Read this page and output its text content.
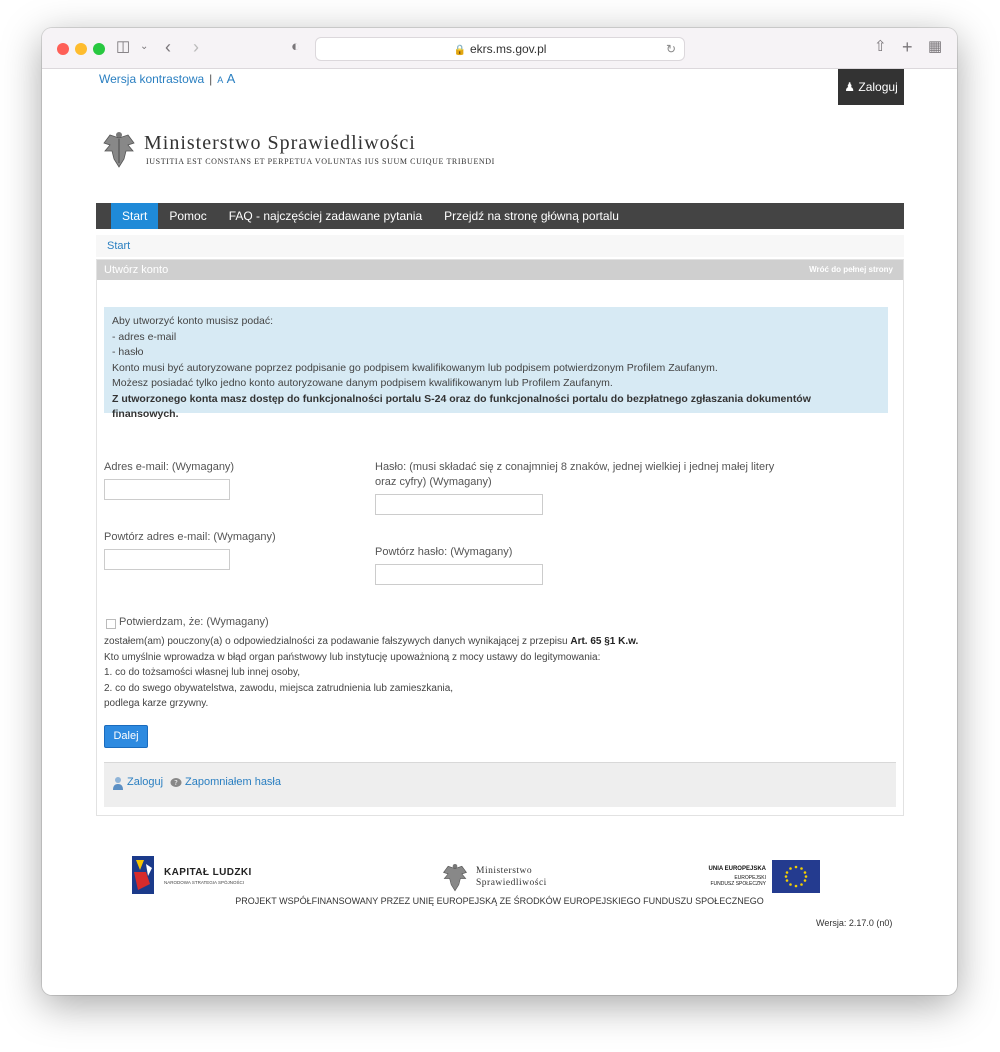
◫ ⌄ ‹ ›	◐	🔒 ekrs.ms.gov.pl	↻	⇧ + ▦
Wersja kontrastowa | A A
♟ Zaloguj
Ministerstwo Sprawiedliwości
IUSTITIA EST CONSTANS ET PERPETUA VOLUNTAS IUS SUUM CUIQUE TRIBUENDI
Start	Pomoc	FAQ - najczęściej zadawane pytania	Przejdź na stronę główną portalu
Start
Utwórz konto	Wróć do pełnej strony
Aby utworzyć konto musisz podać:
- adres e-mail
- hasło
Konto musi być autoryzowane poprzez podpisanie go podpisem kwalifikowanym lub podpisem potwierdzonym Profilem Zaufanym.
Możesz posiadać tylko jedno konto autoryzowane danym podpisem kwalifikowanym lub Profilem Zaufanym.
Z utworzonego konta masz dostęp do funkcjonalności portalu S-24 oraz do funkcjonalności portalu do bezpłatnego zgłaszania dokumentów
finansowych.
Adres e-mail: (Wymagany)
Powtórz adres e-mail: (Wymagany)
Hasło: (musi składać się z conajmniej 8 znaków, jednej wielkiej i jednej małej litery
oraz cyfry) (Wymagany)
Powtórz hasło: (Wymagany)
Potwierdzam, że: (Wymagany)
zostałem(am) pouczony(a) o odpowiedzialności za podawanie fałszywych danych wynikającej z przepisu Art. 65 §1 K.w.
Kto umyślnie wprowadza w błąd organ państwowy lub instytucję upoważnioną z mocy ustawy do legitymowania:
1. co do tożsamości własnej lub innej osoby,
2. co do swego obywatelstwa, zawodu, miejsca zatrudnienia lub zamieszkania,
podlega karze grzywny.
Dalej
Zaloguj ? Zapomniałem hasła
KAPITAŁ LUDZKI
NARODOWA STRATEGIA SPÓJNOŚCI
Ministerstwo
Sprawiedliwości
UNIA EUROPEJSKA
EUROPEJSKI
FUNDUSZ SPOŁECZNY
PROJEKT WSPÓŁFINANSOWANY PRZEZ UNIĘ EUROPEJSKĄ ZE ŚRODKÓW EUROPEJSKIEGO FUNDUSZU SPOŁECZNEGO
Wersja: 2.17.0 (n0)
